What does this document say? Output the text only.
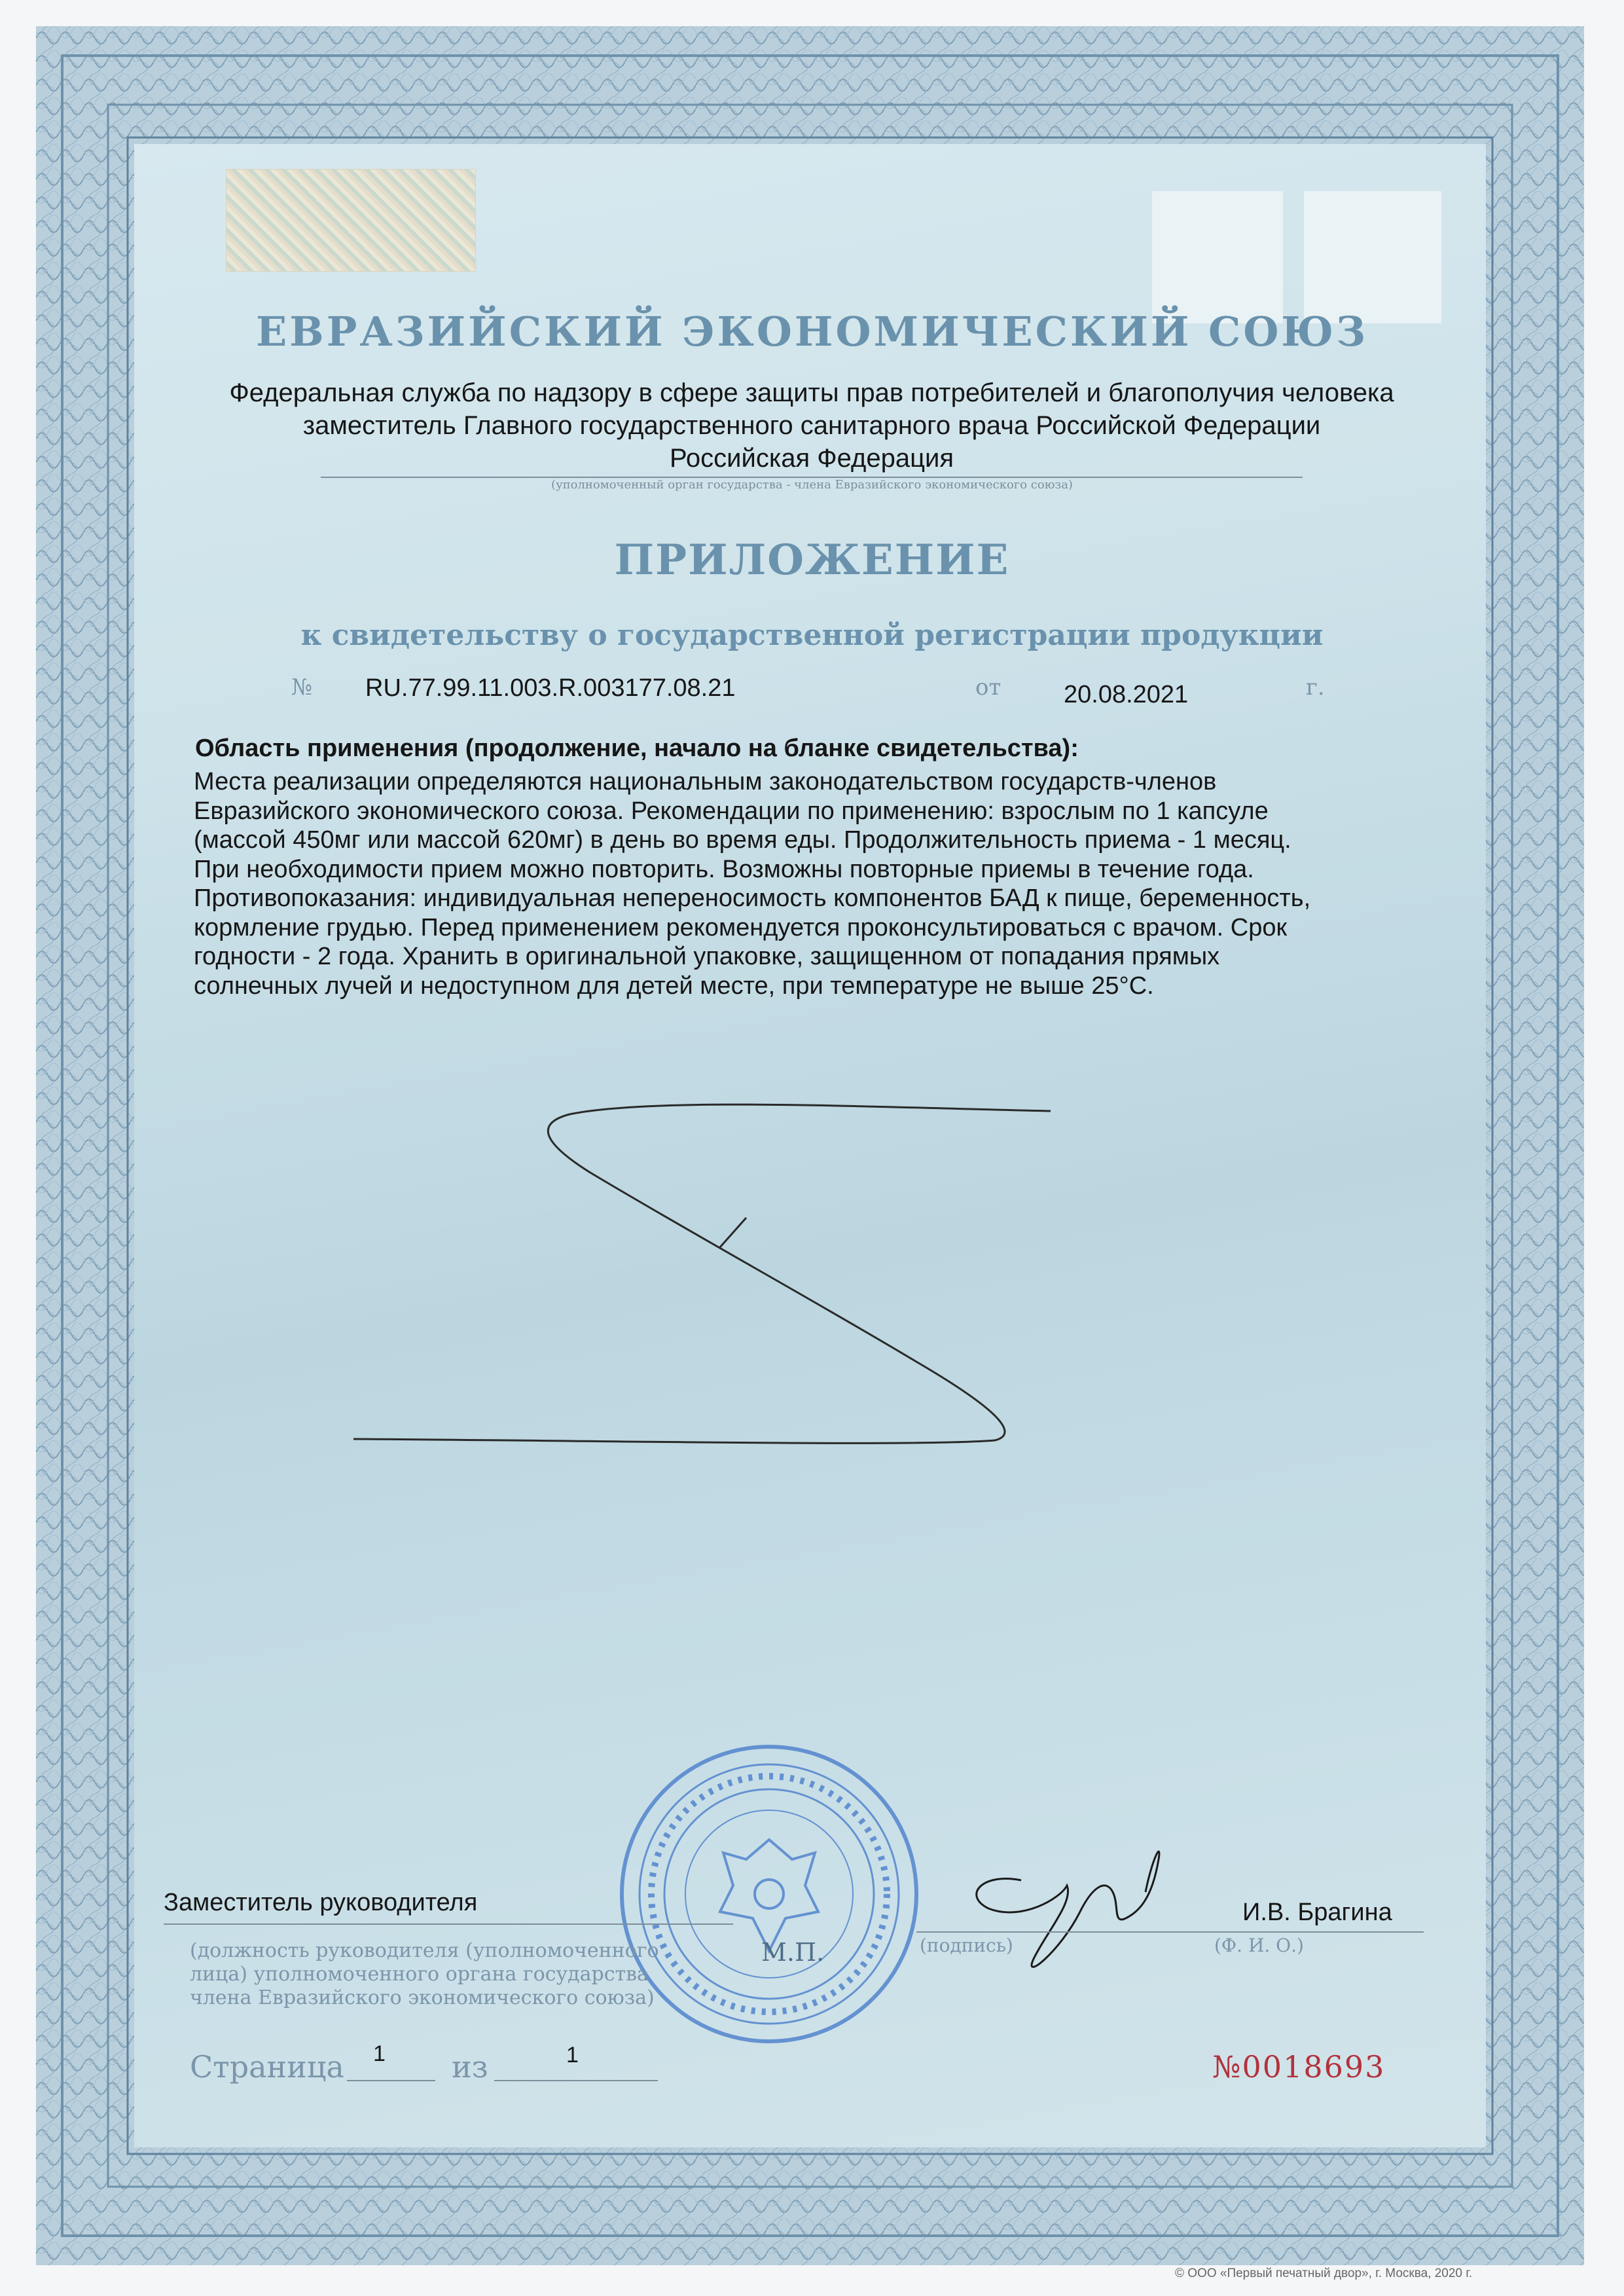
ЕВРАЗИЙСКИЙ ЭКОНОМИЧЕСКИЙ СОЮЗ
Федеральная служба по надзору в сфере защиты прав потребителей и благополучия человека
заместитель Главного государственного санитарного врача Российской Федерации
Российская Федерация
(уполномоченный орган государства - члена Евразийского экономического союза)
ПРИЛОЖЕНИЕ
к свидетельству о государственной регистрации продукции
№ RU.77.99.11.003.R.003177.08.21	от	20.08.2021	г.
Область применения (продолжение, начало на бланке свидетельства):
Места реализации определяются национальным законодательством государств-членов
Евразийского экономического союза. Рекомендации по применению: взрослым по 1 капсуле
(массой 450мг или массой 620мг) в день во время еды. Продолжительность приема - 1 месяц.
При необходимости прием можно повторить. Возможны повторные приемы в течение года.
Противопоказания: индивидуальная непереносимость компонентов БАД к пище, беременность,
кормление грудью. Перед применением рекомендуется проконсультироваться с врачом. Срок
годности - 2 года. Хранить в оригинальной упаковке, защищенном от попадания прямых
солнечных лучей и недоступном для детей месте, при температуре не выше 25°C.
Заместитель руководителя
(должность руководителя (уполномоченного
лица) уполномоченного органа государства
члена Евразийского экономического союза)
М.П.	(подпись)
И.В. Брагина
(Ф. И. О.)
Страница 1 из	1	№0018693
© ООО «Первый печатный двор», г. Москва, 2020 г.
